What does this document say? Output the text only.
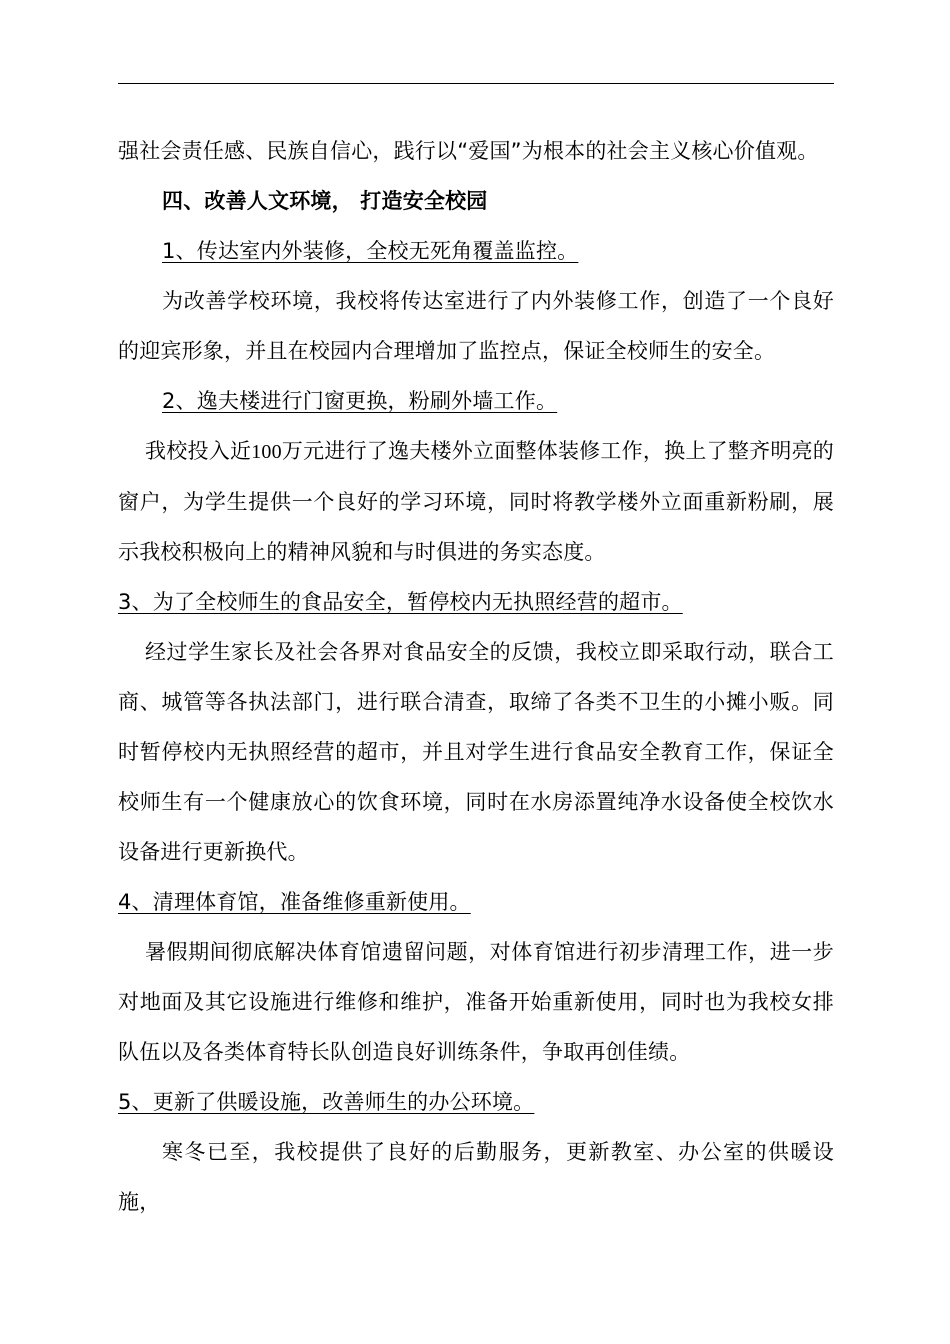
强社会责任感、民族自信心，践行以“爱国”为根本的社会主义核心价值观。

四、改善人文环境， 打造安全校园

1、传达室内外装修，全校无死角覆盖监控。

为改善学校环境，我校将传达室进行了内外装修工作，创造了一个良好的迎宾形象，并且在校园内合理增加了监控点，保证全校师生的安全。

2、逸夫楼进行门窗更换，粉刷外墙工作。

我校投入近100万元进行了逸夫楼外立面整体装修工作，换上了整齐明亮的窗户，为学生提供一个良好的学习环境，同时将教学楼外立面重新粉刷，展示我校积极向上的精神风貌和与时俱进的务实态度。

3、为了全校师生的食品安全，暂停校内无执照经营的超市。

经过学生家长及社会各界对食品安全的反馈，我校立即采取行动，联合工商、城管等各执法部门，进行联合清查，取缔了各类不卫生的小摊小贩。同时暂停校内无执照经营的超市，并且对学生进行食品安全教育工作，保证全校师生有一个健康放心的饮食环境，同时在水房添置纯净水设备使全校饮水设备进行更新换代。

4、清理体育馆，准备维修重新使用。

暑假期间彻底解决体育馆遗留问题，对体育馆进行初步清理工作，进一步对地面及其它设施进行维修和维护，准备开始重新使用，同时也为我校女排队伍以及各类体育特长队创造良好训练条件，争取再创佳绩。

5、更新了供暖设施，改善师生的办公环境。

寒冬已至，我校提供了良好的后勤服务，更新教室、办公室的供暖设施，
